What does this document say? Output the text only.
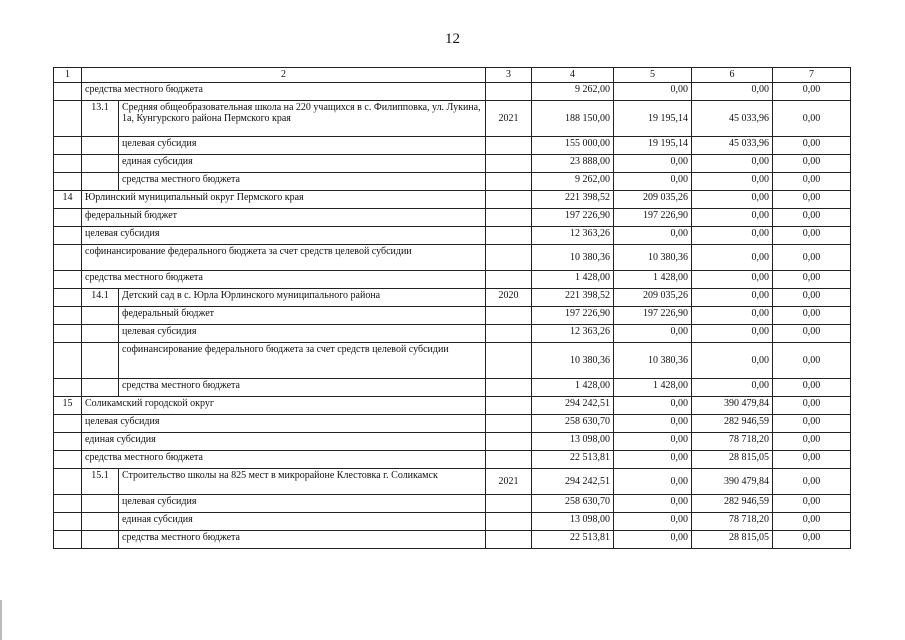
12
1	2		3	4	5	6	7
	средства местного бюджета			9 262,00	0,00	0,00	0,00
	13.1	Средняя общеобразовательная школа на 220 учащихся в с. Филипповка, ул. Лукина, 1а, Кунгурского района Пермского края	2021	188 150,00	19 195,14	45 033,96	0,00
		целевая субсидия		155 000,00	19 195,14	45 033,96	0,00
		единая субсидия		23 888,00	0,00	0,00	0,00
		средства местного бюджета		9 262,00	0,00	0,00	0,00
14	Юрлинский муниципальный округ Пермского края			221 398,52	209 035,26	0,00	0,00
	федеральный бюджет			197 226,90	197 226,90	0,00	0,00
	целевая субсидия			12 363,26	0,00	0,00	0,00
	софинансирование федерального бюджета за счет средств целевой субсидии			10 380,36	10 380,36	0,00	0,00
	средства местного бюджета			1 428,00	1 428,00	0,00	0,00
	14.1	Детский сад в с. Юрла Юрлинского муниципального района	2020	221 398,52	209 035,26	0,00	0,00
		федеральный бюджет		197 226,90	197 226,90	0,00	0,00
		целевая субсидия		12 363,26	0,00	0,00	0,00
		софинансирование федерального бюджета за счет средств целевой субсидии		10 380,36	10 380,36	0,00	0,00
		средства местного бюджета		1 428,00	1 428,00	0,00	0,00
15	Соликамский городской округ			294 242,51	0,00	390 479,84	0,00
	целевая субсидия			258 630,70	0,00	282 946,59	0,00
	единая субсидия			13 098,00	0,00	78 718,20	0,00
	средства местного бюджета			22 513,81	0,00	28 815,05	0,00
	15.1	Строительство школы на 825 мест в микрорайоне Клестовка г. Соликамск	2021	294 242,51	0,00	390 479,84	0,00
		целевая субсидия		258 630,70	0,00	282 946,59	0,00
		единая субсидия		13 098,00	0,00	78 718,20	0,00
		средства местного бюджета		22 513,81	0,00	28 815,05	0,00
